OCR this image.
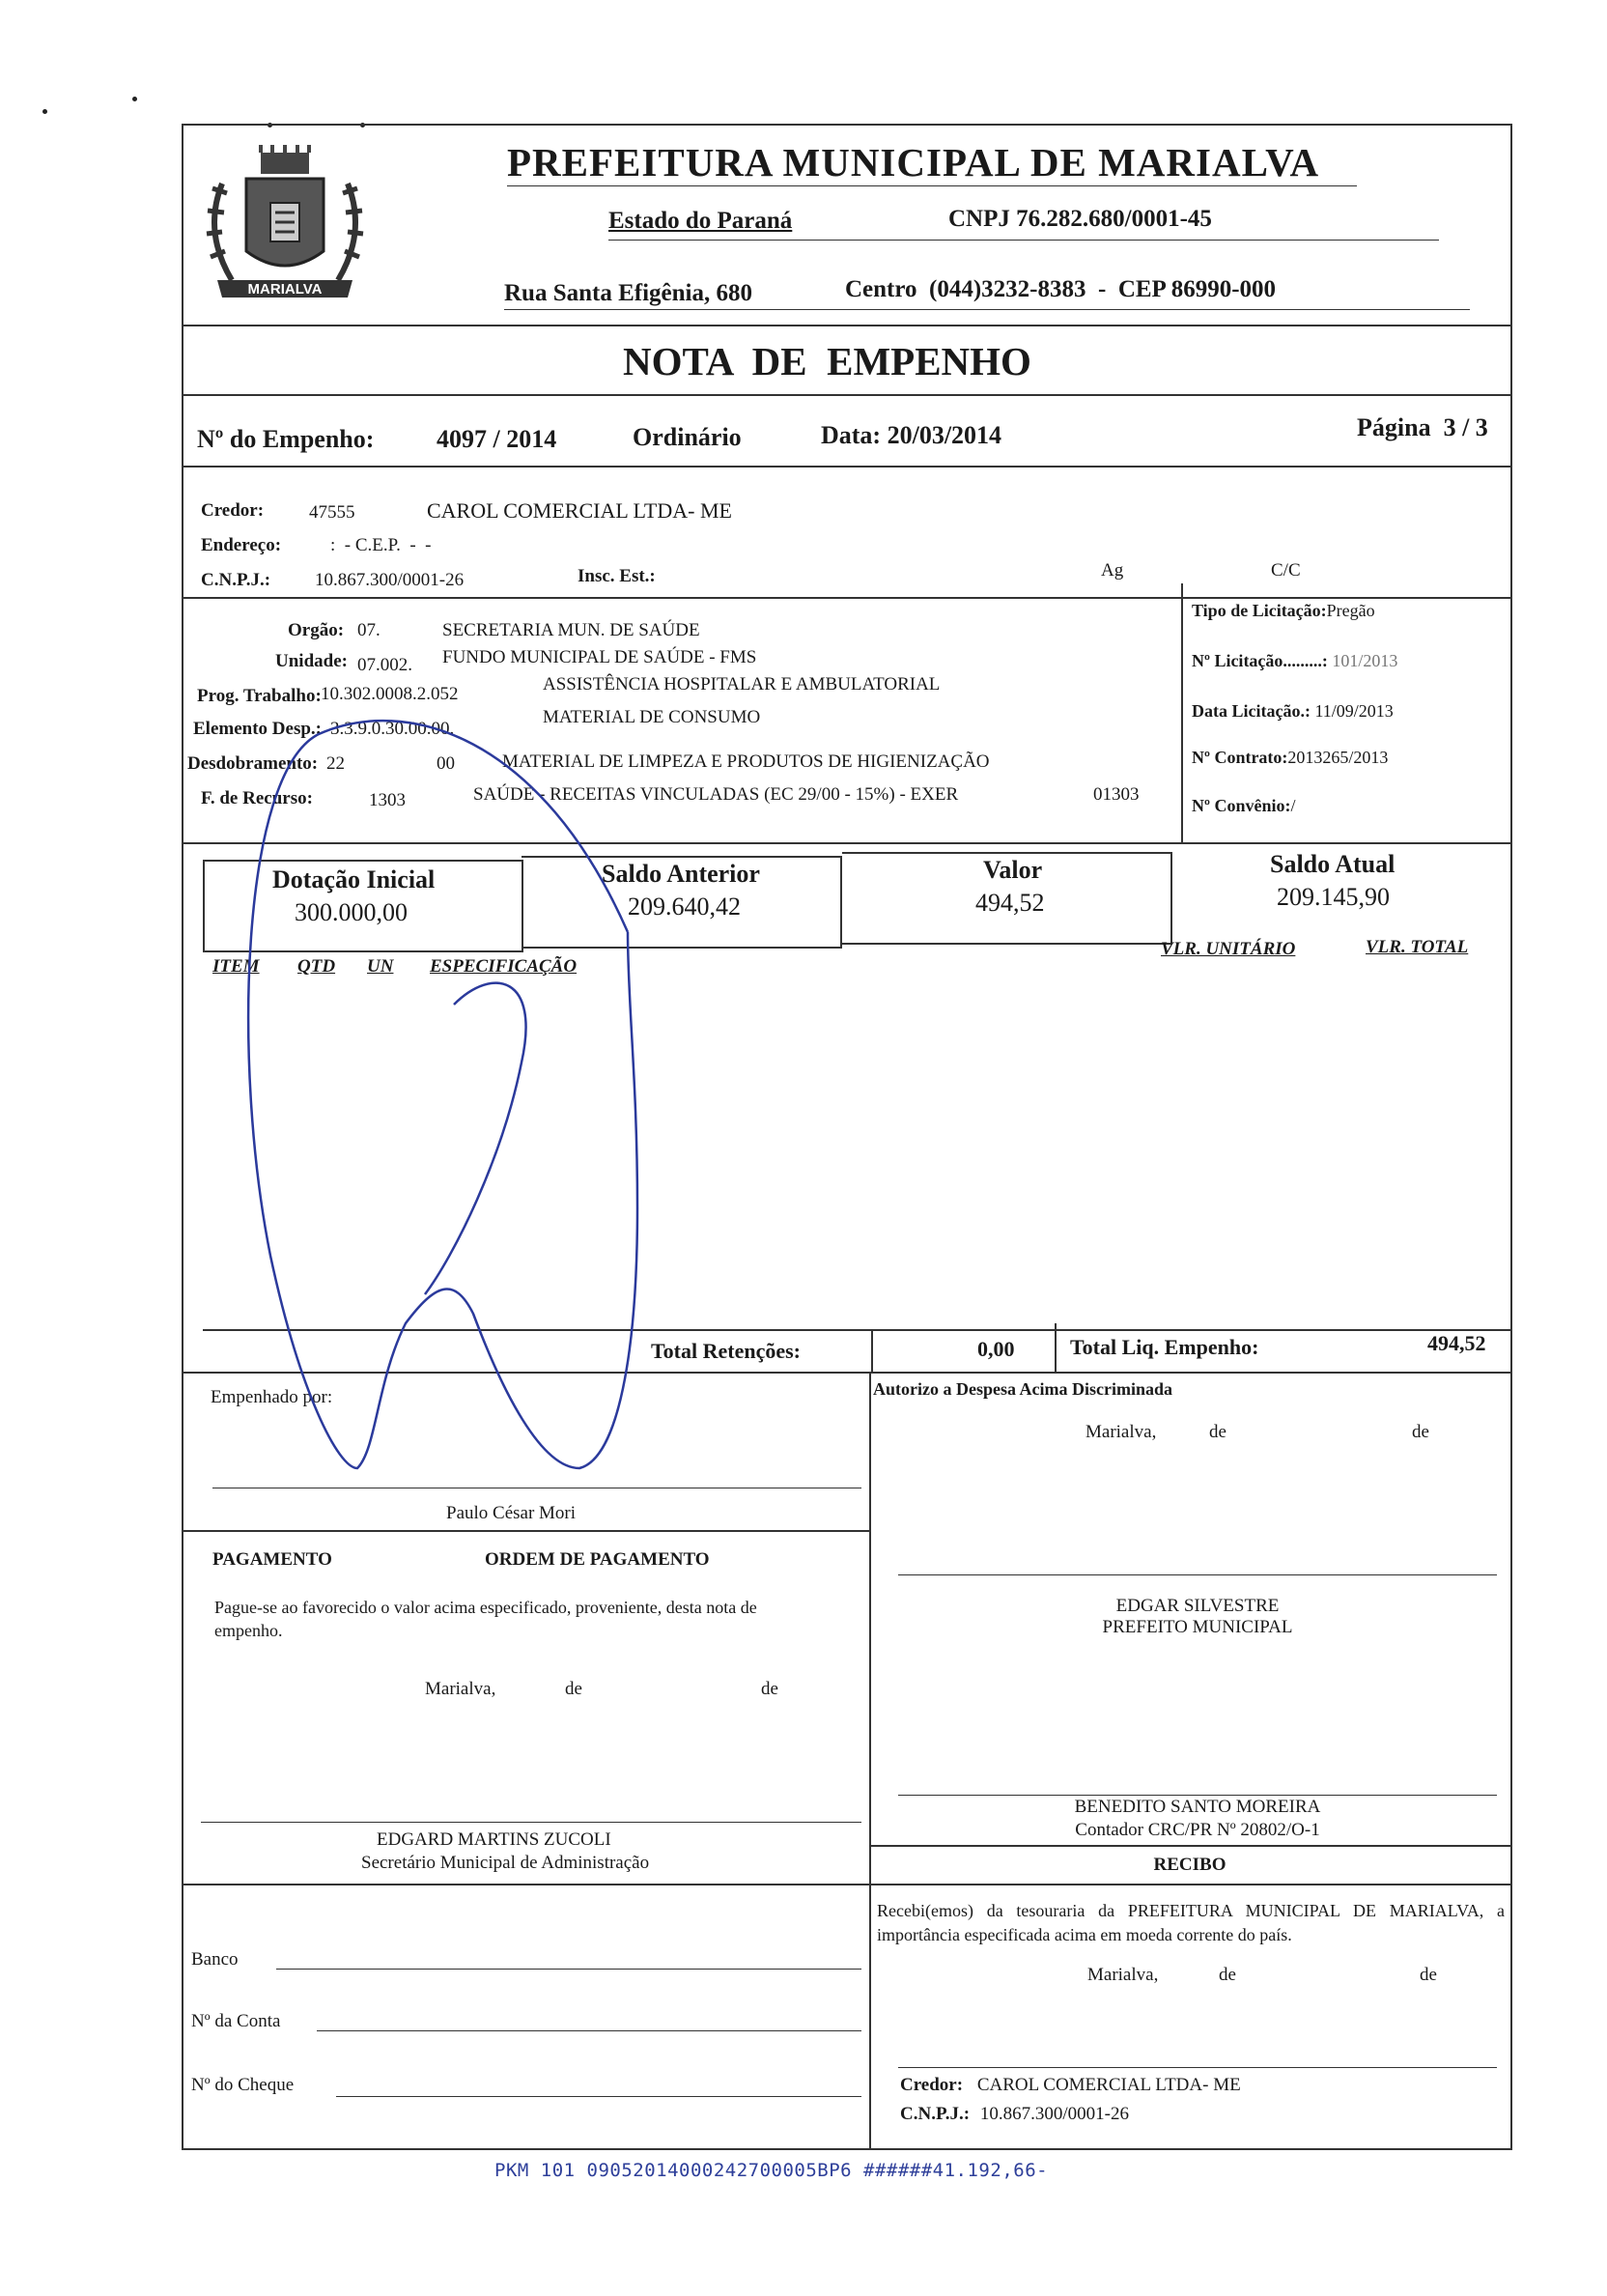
MARIALVA
PREFEITURA MUNICIPAL DE MARIALVA
Estado do Paraná	CNPJ 76.282.680/0001-45
Rua Santa Efigênia, 680	Centro  (044)3232-8383  -  CEP 86990-000
NOTA  DE  EMPENHO
Nº do Empenho: 4097 / 2014	Ordinário	Data: 20/03/2014	Página  3 / 3
Credor: 47555	CAROL COMERCIAL LTDA- ME
Endereço:	:  - C.E.P.  -  -
C.N.P.J.: 10.867.300/0001-26	Insc. Est.:	Ag	C/C
Orgão: 07.	SECRETARIA MUN. DE SAÚDE
Unidade: 07.002. FUNDO MUNICIPAL DE SAÚDE - FMS
Prog. Trabalho: 10.302.0008.2.052	ASSISTÊNCIA HOSPITALAR E AMBULATORIAL
Elemento Desp.: 3.3.9.0.30.00.00.
MATERIAL DE CONSUMO
Desdobramento: 22	00	MATERIAL DE LIMPEZA E PRODUTOS DE HIGIENIZAÇÃO
F. de Recurso:	1303	SAÚDE - RECEITAS VINCULADAS (EC 29/00 - 15%) - EXER	01303
Tipo de Licitação:Pregão
Nº Licitação.........: 101/2013
Data Licitação.: 11/09/2013
Nº Contrato:2013265/2013
Nº Convênio:/
Dotação Inicial
300.000,00
Saldo Anterior
209.640,42
Valor
494,52
Saldo Atual
209.145,90
ITEM QTD UN ESPECIFICAÇÃO
VLR. UNITÁRIO	VLR. TOTAL
Total Retenções:	0,00	Total Liq. Empenho:	494,52
Empenhado por:
Paulo César Mori
PAGAMENTO	ORDEM DE PAGAMENTO
Pague-se ao favorecido o valor acima especificado, proveniente, desta nota de empenho.
Marialva,	de	de
EDGARD MARTINS ZUCOLI
Secretário Municipal de Administração
Banco
Nº da Conta
Nº do Cheque
Autorizo a Despesa Acima Discriminada
Marialva,	de	de
EDGAR SILVESTRE
PREFEITO MUNICIPAL
BENEDITO SANTO MOREIRA
Contador CRC/PR Nº 20802/O-1
RECIBO
Recebi(emos) da tesouraria da PREFEITURA MUNICIPAL DE MARIALVA, a importância especificada acima em moeda corrente do país.
Marialva,	de	de
Credor: CAROL COMERCIAL LTDA- ME
C.N.P.J.: 10.867.300/0001-26
PKM 101 09052014000242700005BP6 ######41.192,66-
